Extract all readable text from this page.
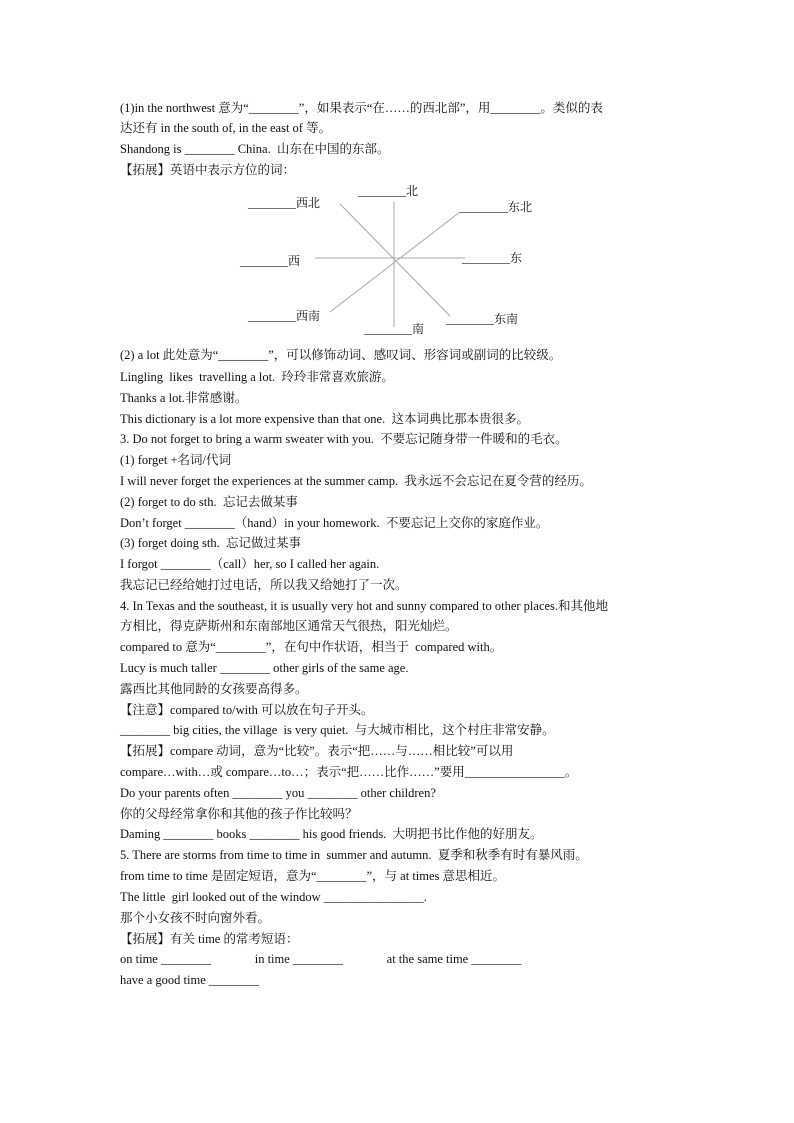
(1)in the northwest 意为“________”，如果表示“在……的西北部”，用________。类似的表
达还有 in the south of, in the east of 等。
Shandong is ________ China.  山东在中国的东部。
【拓展】英语中表示方位的词：
________北
________东北
________东
________东南
________南
________西南
________西
________西北
(2) a lot 此处意为“________”，可以修饰动词、感叹词、形容词或副词的比较级。
Lingling  likes  travelling a lot.  玲玲非常喜欢旅游。
Thanks a lot.非常感谢。
This dictionary is a lot more expensive than that one.  这本词典比那本贵很多。
3. Do not forget to bring a warm sweater with you.  不要忘记随身带一件暖和的毛衣。
(1) forget +名词/代词
I will never forget the experiences at the summer camp.  我永远不会忘记在夏令营的经历。
(2) forget to do sth.  忘记去做某事
Don’t forget ________（hand）in your homework.  不要忘记上交你的家庭作业。
(3) forget doing sth.  忘记做过某事
I forgot ________（call）her, so I called her again.
我忘记已经给她打过电话，所以我又给她打了一次。
4. In Texas and the southeast, it is usually very hot and sunny compared to other places.和其他地
方相比，得克萨斯州和东南部地区通常天气很热，阳光灿烂。
compared to 意为“________”，在句中作状语，相当于  compared with。
Lucy is much taller ________ other girls of the same age.
露西比其他同龄的女孩要高得多。
【注意】compared to/with 可以放在句子开头。
________ big cities, the village  is very quiet.  与大城市相比，这个村庄非常安静。
【拓展】compare 动词，意为“比较”。表示“把……与……相比较”可以用
compare…with…或 compare…to…；表示“把……比作……”要用________________。
Do your parents often ________ you ________ other children?
你的父母经常拿你和其他的孩子作比较吗？
Daming ________ books ________ his good friends.  大明把书比作他的好朋友。
5. There are storms from time to time in  summer and autumn.  夏季和秋季有时有暴风雨。
from time to time 是固定短语，意为“________”，与 at times 意思相近。
The little  girl looked out of the window ________________.
那个小女孩不时向窗外看。
【拓展】有关 time 的常考短语：
on time ________              in time ________              at the same time ________
have a good time ________
